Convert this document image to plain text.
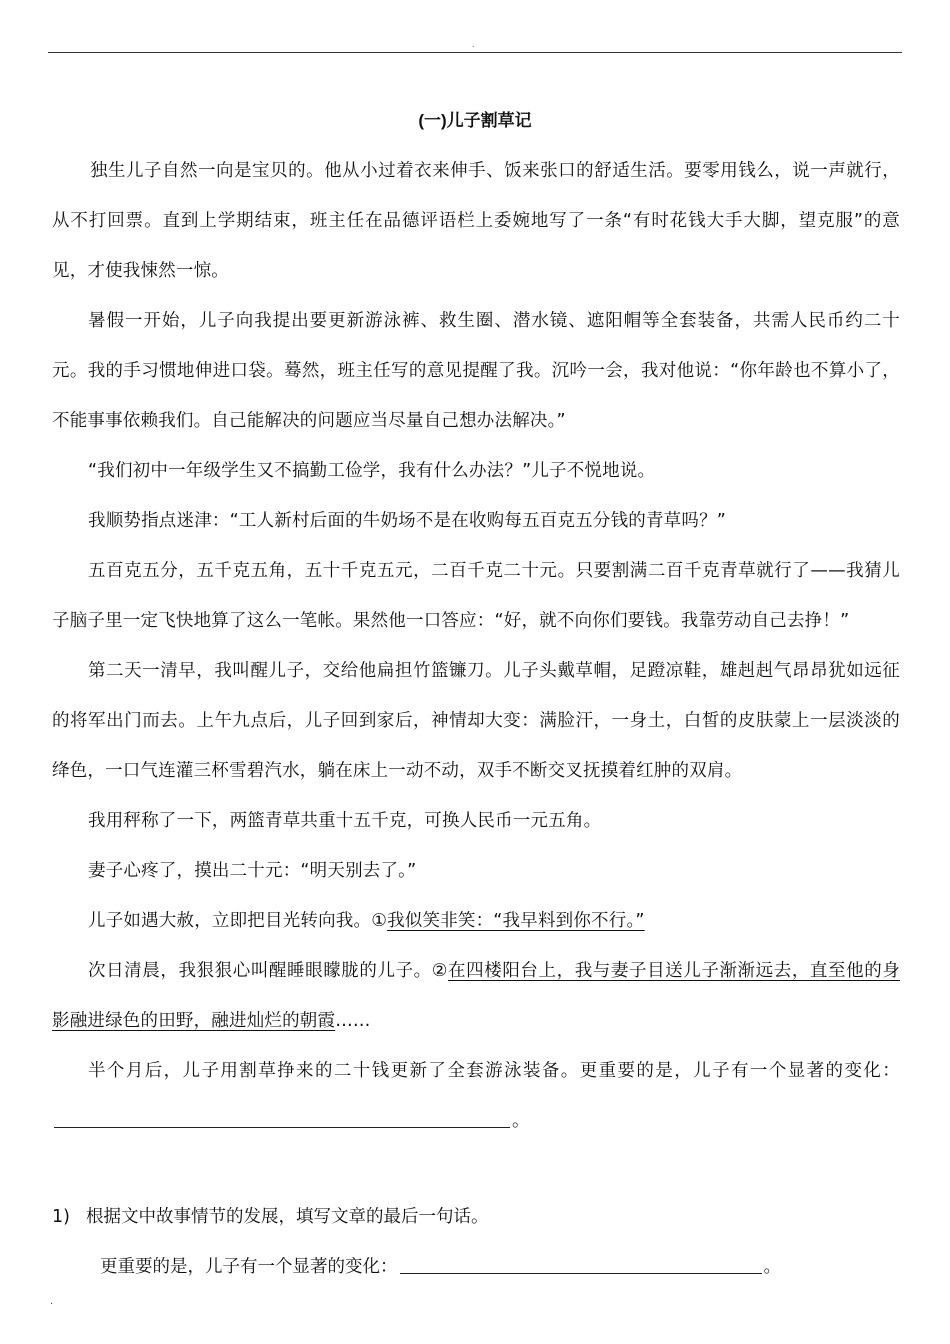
.
(一)儿子割草记

独生儿子自然一向是宝贝的。他从小过着衣来伸手、饭来张口的舒适生活。要零用钱么，说一声就行，从不打回票。直到上学期结束，班主任在品德评语栏上委婉地写了一条“有时花钱大手大脚，望克服”的意见，才使我悚然一惊。

暑假一开始，儿子向我提出要更新游泳裤、救生圈、潜水镜、遮阳帽等全套装备，共需人民币约二十元。我的手习惯地伸进口袋。蓦然，班主任写的意见提醒了我。沉吟一会，我对他说：“你年龄也不算小了，不能事事依赖我们。自己能解决的问题应当尽量自己想办法解决。”

“我们初中一年级学生又不搞勤工俭学，我有什么办法？”儿子不悦地说。

我顺势指点迷津：“工人新村后面的牛奶场不是在收购每五百克五分钱的青草吗？”

五百克五分，五千克五角，五十千克五元，二百千克二十元。只要割满二百千克青草就行了——我猜儿子脑子里一定飞快地算了这么一笔帐。果然他一口答应：“好，就不向你们要钱。我靠劳动自己去挣！”

第二天一清早，我叫醒儿子，交给他扁担竹篮镰刀。儿子头戴草帽，足蹬凉鞋，雄赳赳气昂昂犹如远征的将军出门而去。上午九点后，儿子回到家后，神情却大变：满脸汗，一身土，白皙的皮肤蒙上一层淡淡的绛色，一口气连灌三杯雪碧汽水，躺在床上一动不动，双手不断交叉抚摸着红肿的双肩。

我用秤称了一下，两篮青草共重十五千克，可换人民币一元五角。

妻子心疼了，摸出二十元：“明天别去了。”

儿子如遇大赦，立即把目光转向我。①我似笑非笑：“我早料到你不行。”

次日清晨，我狠狠心叫醒睡眼矇胧的儿子。②在四楼阳台上，我与妻子目送儿子渐渐远去，直至他的身影融进绿色的田野，融进灿烂的朝霞……

半个月后，儿子用割草挣来的二十钱更新了全套游泳装备。更重要的是，儿子有一个显著的变化：。

1) 根据文中故事情节的发展，填写文章的最后一句话。
更重要的是，儿子有一个显著的变化：	。
.
